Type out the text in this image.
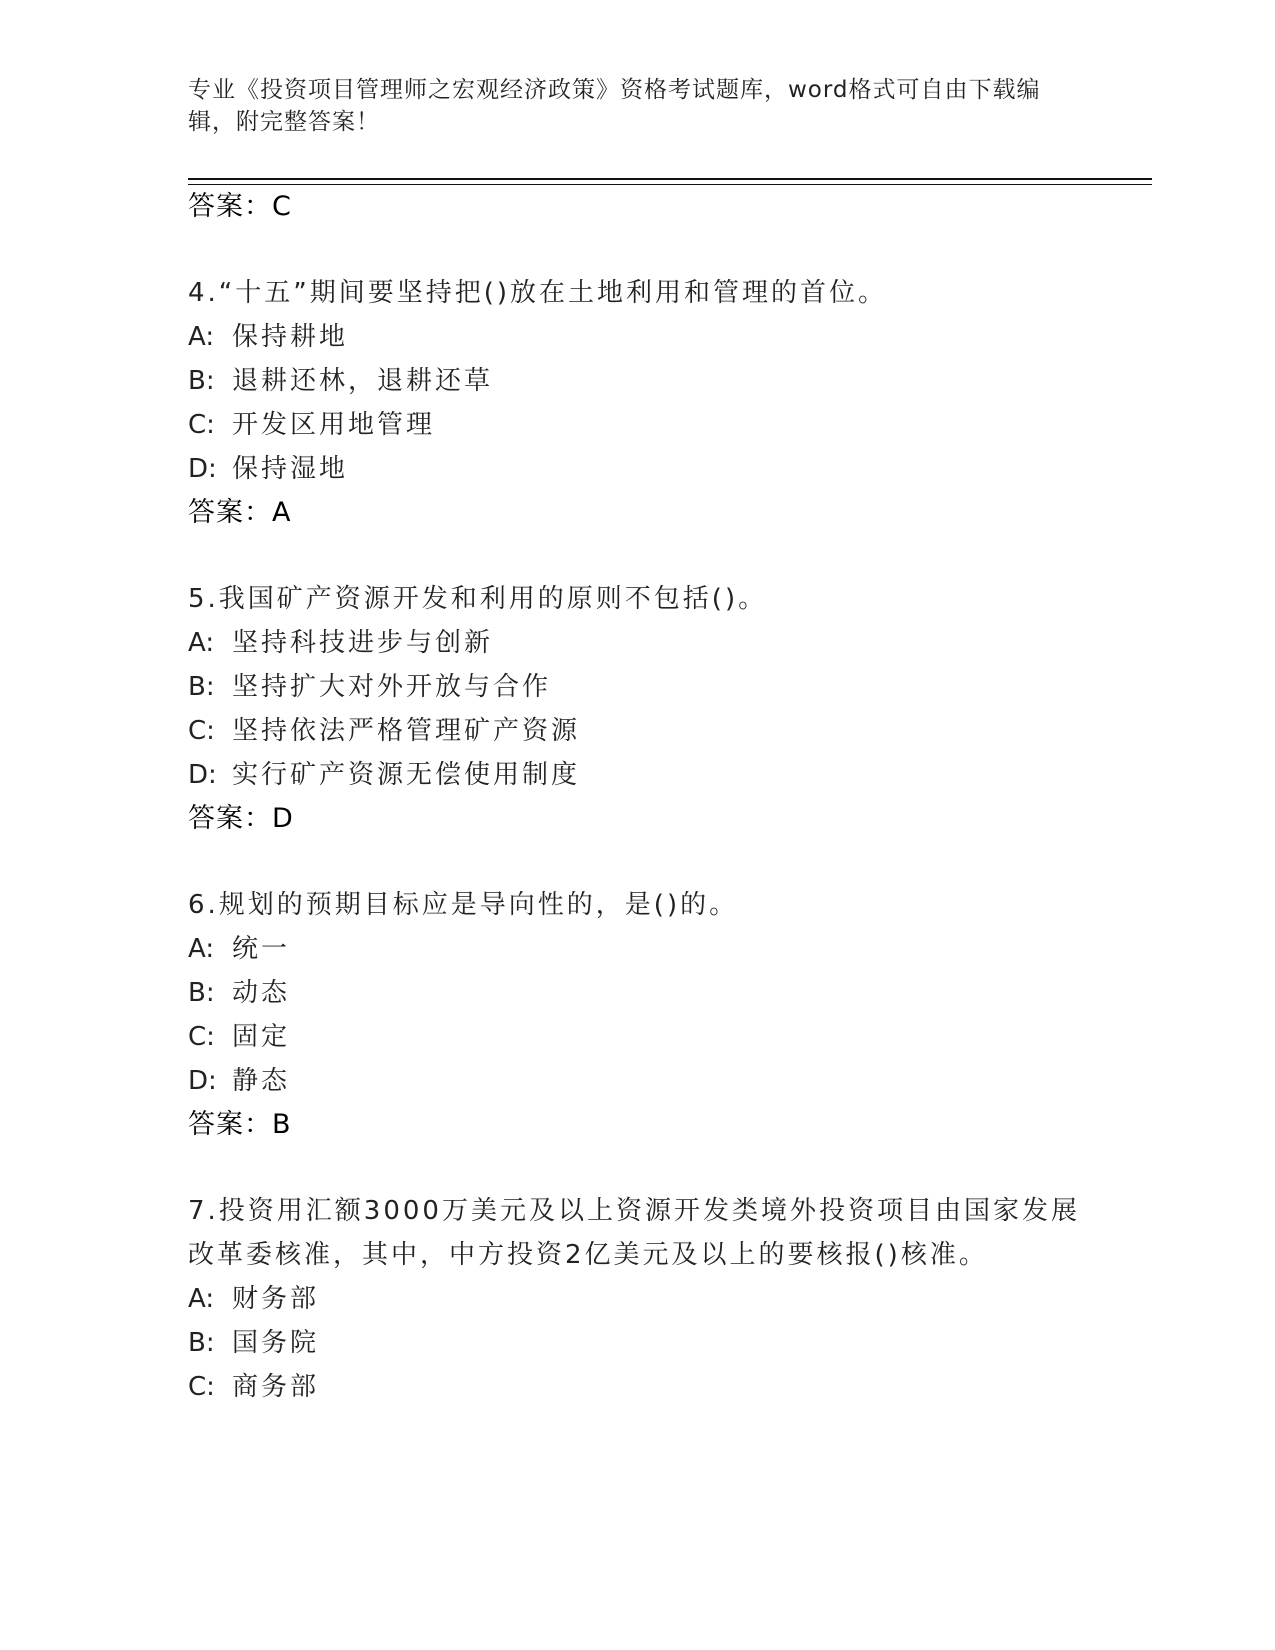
专业《投资项目管理师之宏观经济政策》资格考试题库，word格式可自由下载编辑，附完整答案！
答案：C
4.“十五”期间要坚持把()放在土地利用和管理的首位。
A: 保持耕地
B: 退耕还林，退耕还草
C: 开发区用地管理
D: 保持湿地
答案：A
5.我国矿产资源开发和利用的原则不包括()。
A: 坚持科技进步与创新
B: 坚持扩大对外开放与合作
C: 坚持依法严格管理矿产资源
D: 实行矿产资源无偿使用制度
答案：D
6.规划的预期目标应是导向性的，是()的。
A: 统一
B: 动态
C: 固定
D: 静态
答案：B
7.投资用汇额3000万美元及以上资源开发类境外投资项目由国家发展
改革委核准，其中，中方投资2亿美元及以上的要核报()核准。
A: 财务部
B: 国务院
C: 商务部
